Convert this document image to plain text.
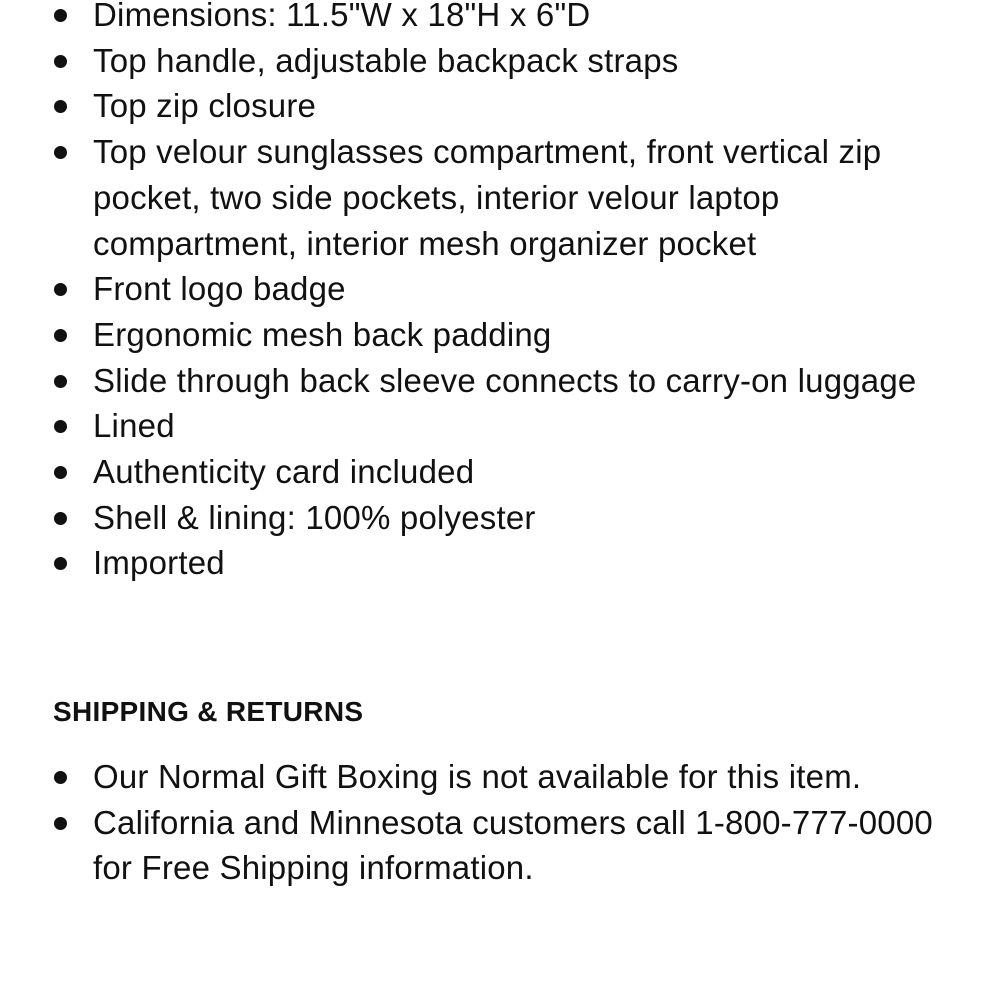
Dimensions: 11.5"W x 18"H x 6"D
Top handle, adjustable backpack straps
Top zip closure
Top velour sunglasses compartment, front vertical zip pocket, two side pockets, interior velour laptop compartment, interior mesh organizer pocket
Front logo badge
Ergonomic mesh back padding
Slide through back sleeve connects to carry-on luggage
Lined
Authenticity card included
Shell & lining: 100% polyester
Imported
SHIPPING & RETURNS
Our Normal Gift Boxing is not available for this item.
California and Minnesota customers call 1-800-777-0000 for Free Shipping information.
